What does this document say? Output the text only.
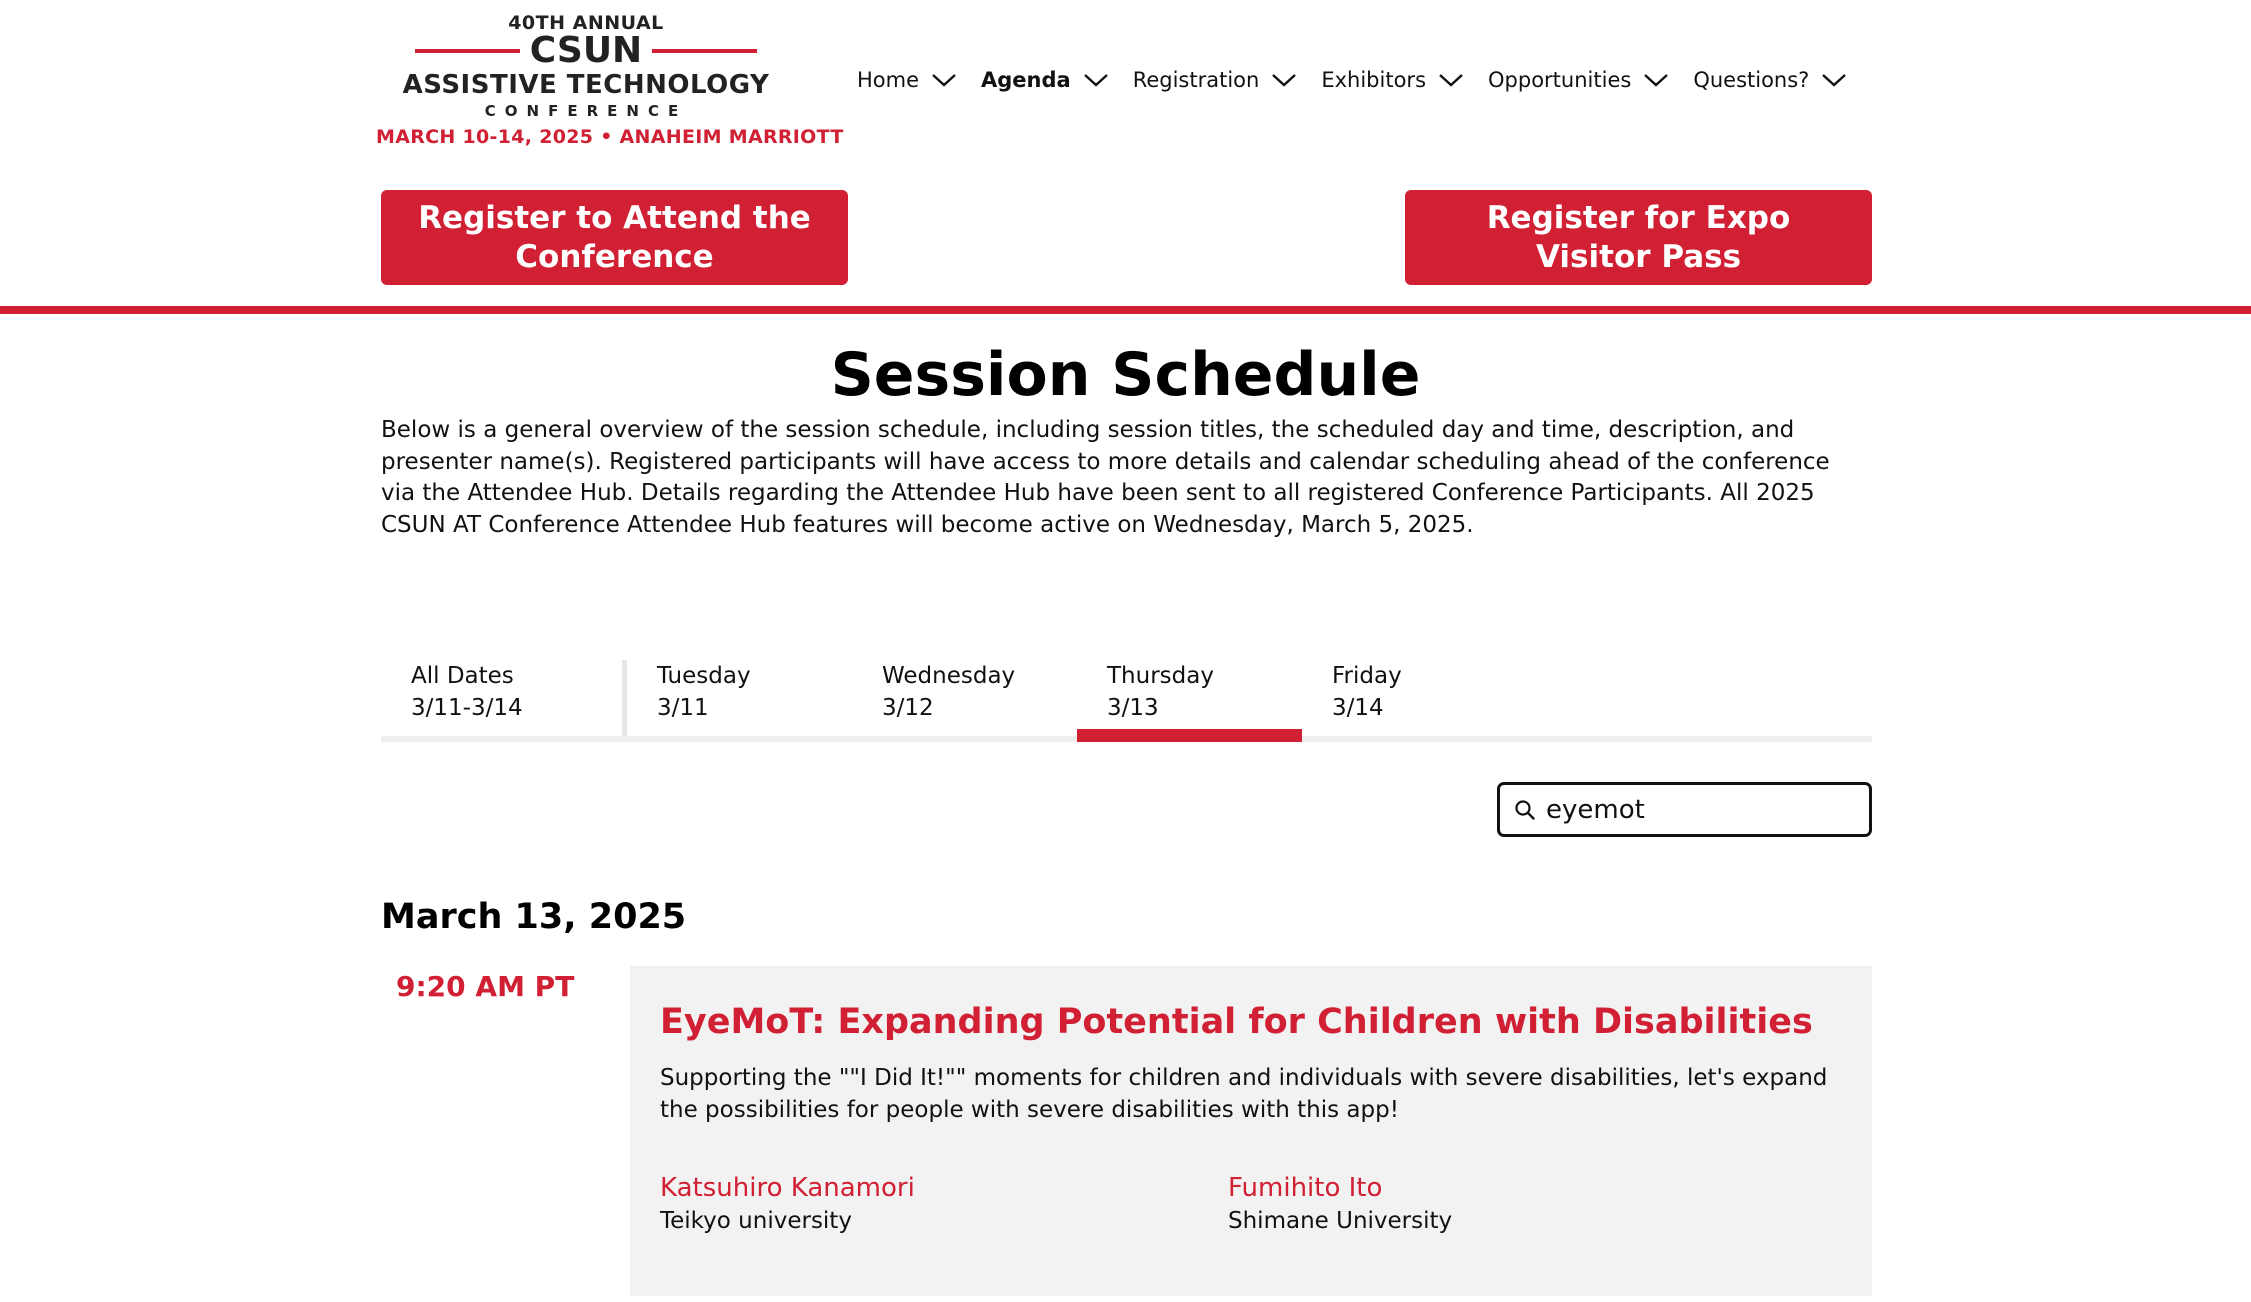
40TH ANNUAL
CSUN
ASSISTIVE TECHNOLOGY
CONFERENCE
MARCH 10-14, 2025 • ANAHEIM MARRIOTT
Home	Agenda	Registration	Exhibitors	Opportunities	Questions?
Register to Attend the Conference
Register for Expo Visitor Pass
Session Schedule

Below is a general overview of the session schedule, including session titles, the scheduled day and time, description, and presenter name(s). Registered participants will have access to more details and calendar scheduling ahead of the conference via the Attendee Hub. Details regarding the Attendee Hub have been sent to all registered Conference Participants. All 2025 CSUN AT Conference Attendee Hub features will become active on Wednesday, March 5, 2025.

All Dates
3/11-3/14
Tuesday
3/11
Wednesday
3/12
Thursday
3/13
Friday
3/14
eyemot
March 13, 2025
9:20 AM PT
EyeMoT: Expanding Potential for Children with Disabilities
Supporting the ""I Did It!"" moments for children and individuals with severe disabilities, let's expand the possibilities for people with severe disabilities with this app!
Katsuhiro Kanamori
Teikyo university
Fumihito Ito
Shimane University
